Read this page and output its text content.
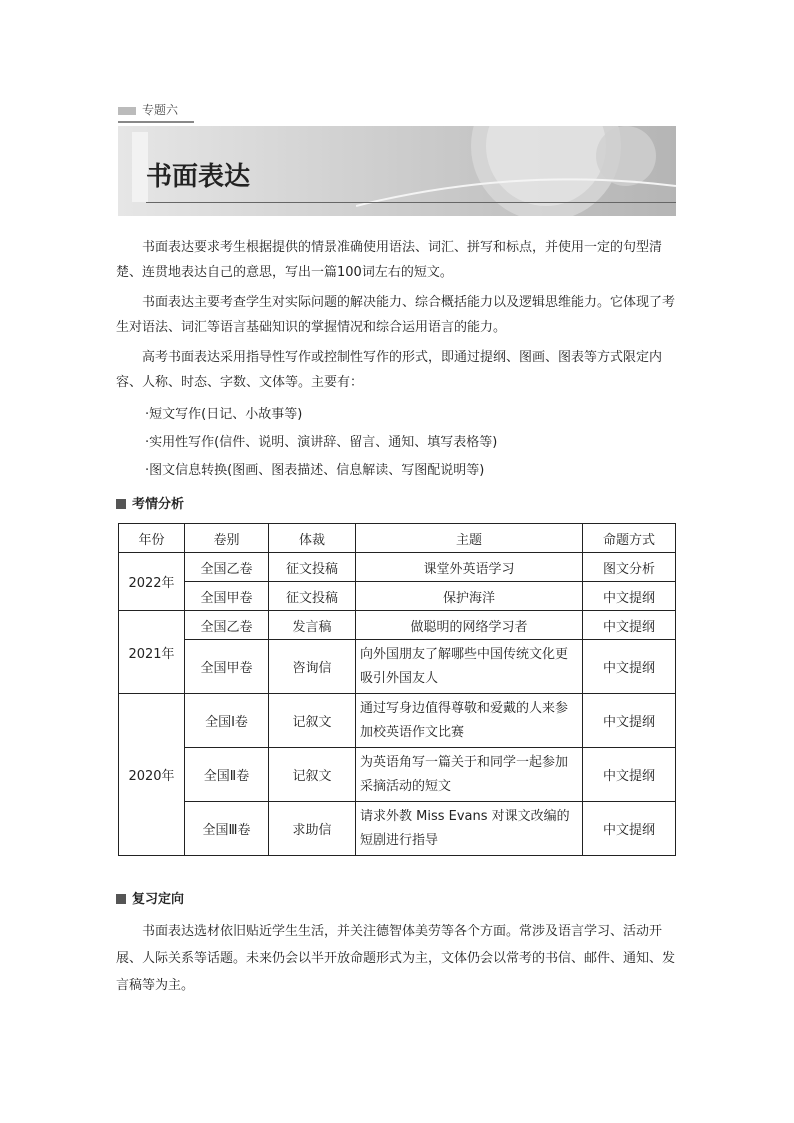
专题六
书面表达

书面表达要求考生根据提供的情景准确使用语法、词汇、拼写和标点，并使用一定的句型清楚、连贯地表达自己的意思，写出一篇100词左右的短文。

书面表达主要考查学生对实际问题的解决能力、综合概括能力以及逻辑思维能力。它体现了考生对语法、词汇等语言基础知识的掌握情况和综合运用语言的能力。

高考书面表达采用指导性写作或控制性写作的形式，即通过提纲、图画、图表等方式限定内容、人称、时态、字数、文体等。主要有：

·短文写作(日记、小故事等)
·实用性写作(信件、说明、演讲辞、留言、通知、填写表格等)
·图文信息转换(图画、图表描述、信息解读、写图配说明等)
考情分析
年份	卷别	体裁	主题	命题方式
2022年	全国乙卷	征文投稿	课堂外英语学习	图文分析
	全国甲卷	征文投稿	保护海洋	中文提纲
2021年	全国乙卷	发言稿	做聪明的网络学习者	中文提纲
	全国甲卷	咨询信	向外国朋友了解哪些中国传统文化更吸引外国友人	中文提纲
2020年	全国Ⅰ卷	记叙文	通过写身边值得尊敬和爱戴的人来参加校英语作文比赛	中文提纲
	全国Ⅱ卷	记叙文	为英语角写一篇关于和同学一起参加采摘活动的短文	中文提纲
	全国Ⅲ卷	求助信	请求外教 Miss Evans 对课文改编的短剧进行指导	中文提纲
复习定向

书面表达选材依旧贴近学生生活，并关注德智体美劳等各个方面。常涉及语言学习、活动开展、人际关系等话题。未来仍会以半开放命题形式为主，文体仍会以常考的书信、邮件、通知、发言稿等为主。
